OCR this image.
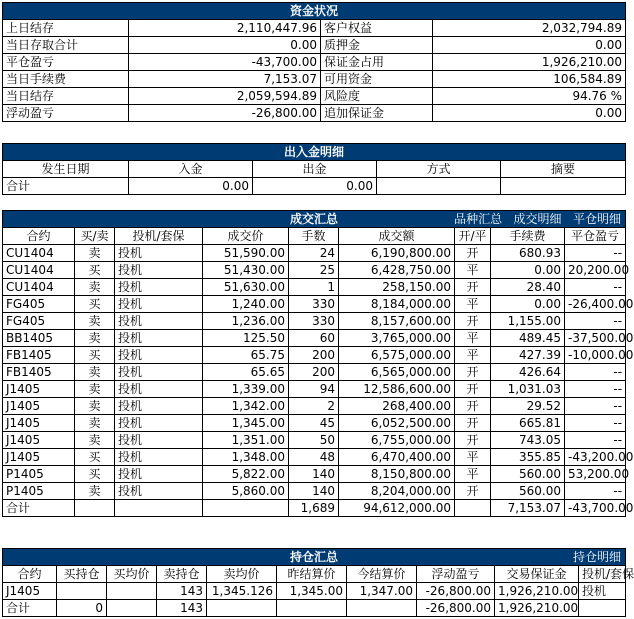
资金状况			
上日结存	2,110,447.96	客户权益	2,032,794.89
当日存取合计	0.00	质押金	0.00
平仓盈亏	-43,700.00	保证金占用	1,926,210.00
当日手续费	7,153.07	可用资金	106,584.89
当日结存	2,059,594.89	风险度	94.76 %
浮动盈亏	-26,800.00	追加保证金	0.00
出入金明细				
发生日期	入金	出金	方式	摘要
合计	0.00	0.00		
成交汇总 品种汇总 成交明细 平仓明细								

合约	买/卖	投机/套保	成交价	手数	成交额	开/平	手续费	平仓盈亏
CU1404	卖	投机	51,590.00	24	6,190,800.00	开	680.93	--
CU1404	买	投机	51,430.00	25	6,428,750.00	平	0.00	20,200.00
CU1404	卖	投机	51,630.00	1	258,150.00	开	28.40	--
FG405	买	投机	1,240.00	330	8,184,000.00	平	0.00	-26,400.00
FG405	卖	投机	1,236.00	330	8,157,600.00	开	1,155.00	--
BB1405	卖	投机	125.50	60	3,765,000.00	平	489.45	-37,500.00
FB1405	买	投机	65.75	200	6,575,000.00	平	427.39	-10,000.00
FB1405	卖	投机	65.65	200	6,565,000.00	开	426.64	--
J1405	卖	投机	1,339.00	94	12,586,600.00	开	1,031.03	--
J1405	卖	投机	1,342.00	2	268,400.00	开	29.52	--
J1405	卖	投机	1,345.00	45	6,052,500.00	开	665.81	--
J1405	卖	投机	1,351.00	50	6,755,000.00	开	743.05	--
J1405	买	投机	1,348.00	48	6,470,400.00	平	355.85	-43,200.00
P1405	买	投机	5,822.00	140	8,150,800.00	平	560.00	53,200.00
P1405	卖	投机	5,860.00	140	8,204,000.00	开	560.00	--
合计				1,689	94,612,000.00		7,153.07	-43,700.00
持仓汇总 持仓明细									

合约	买持仓	买均价	卖持仓	卖均价	昨结算价	今结算价	浮动盈亏	交易保证金	投机/套保
J1405			143	1,345.126	1,345.00	1,347.00	-26,800.00	1,926,210.00	投机
合计	0		143				-26,800.00	1,926,210.00	
